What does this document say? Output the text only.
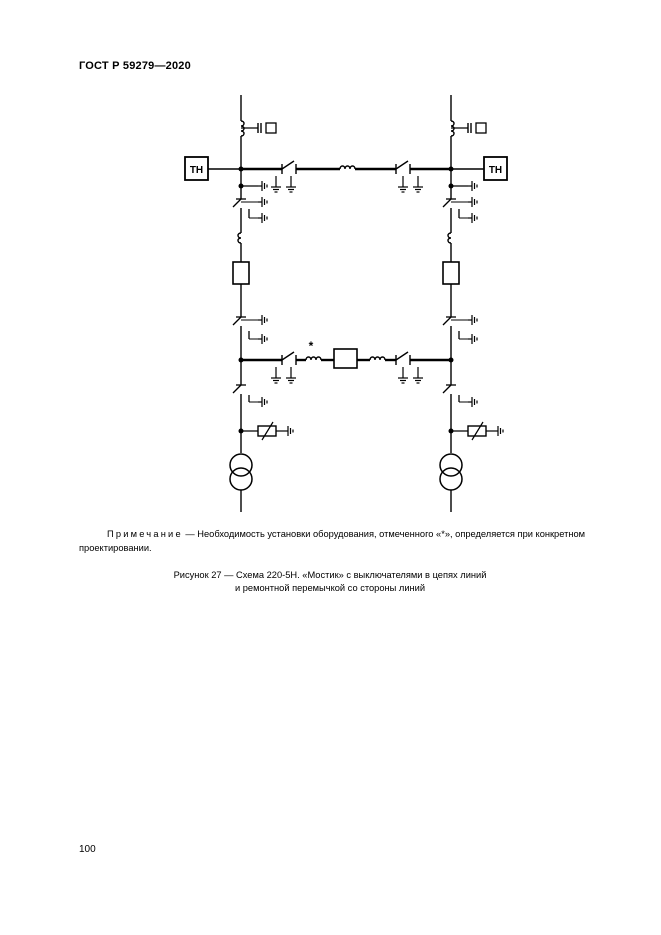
ГОСТ Р 59279—2020
ТН	ТН
*
Примечание — Необходимость установки оборудования, отмеченного «*», определяется при конкретном проектировании.
Рисунок 27 — Схема 220-5Н. «Мостик» с выключателями в цепях линий
и ремонтной перемычкой со стороны линий
100
